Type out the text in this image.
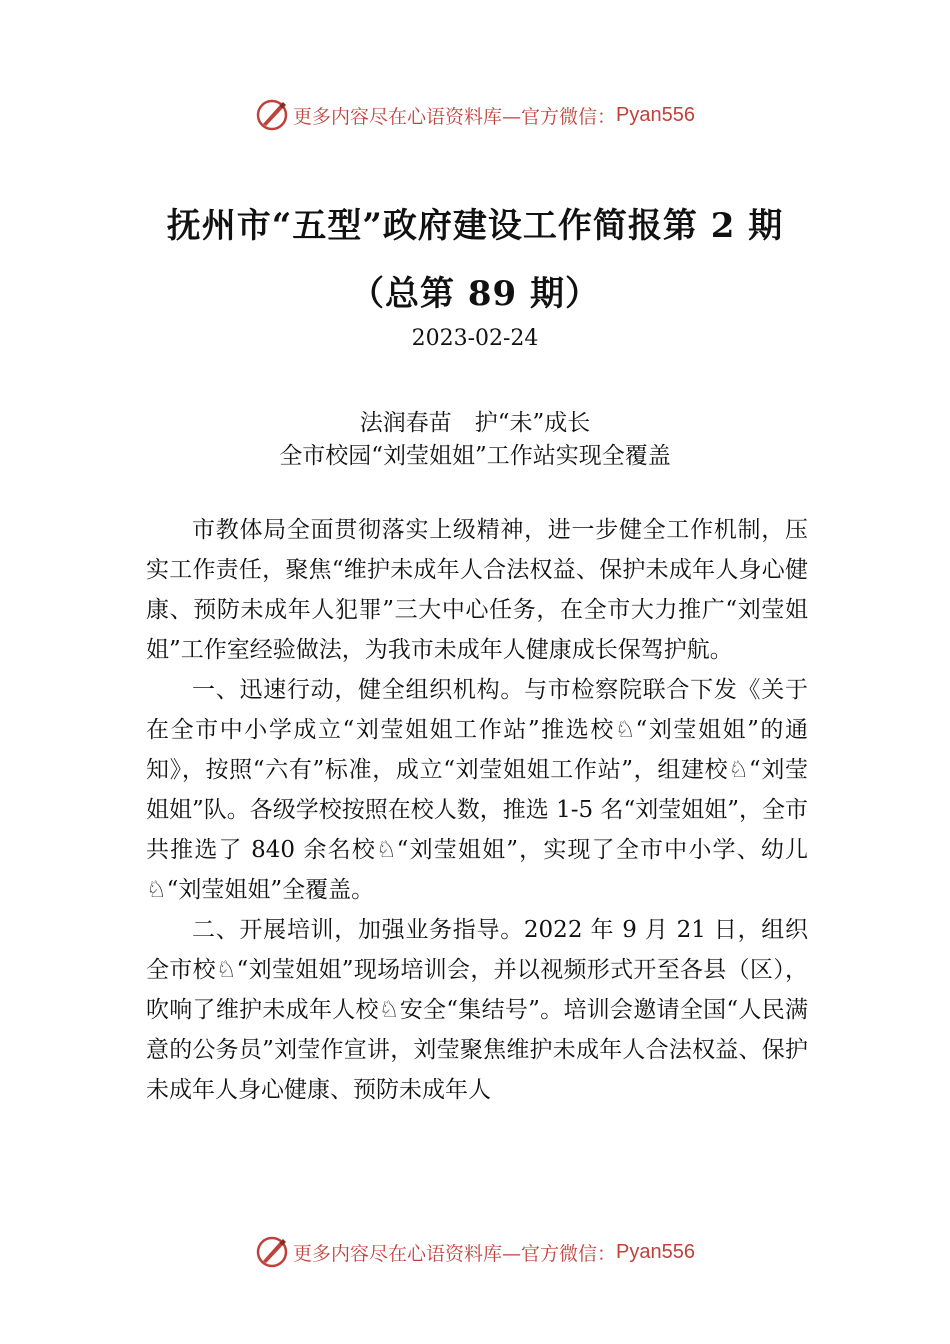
更多内容尽在心语资料库—官方微信： Pyan556
抚州市“五型”政府建设工作简报第 2 期
（总第 89 期）
2023-02-24
法润春苗　护“未”成长
全市校园“刘莹姐姐”工作站实现全覆盖

市教体局全面贯彻落实上级精神，进一步健全工作机制，压实工作责任，聚焦“维护未成年人合法权益、保护未成年人身心健康、预防未成年人犯罪”三大中心任务，在全市大力推广“刘莹姐姐”工作室经验做法，为我市未成年人健康成长保驾护航。

一、迅速行动，健全组织机构。与市检察院联合下发《关于在全市中小学成立“刘莹姐姐工作站”推选校♘“刘莹姐姐”的通知》，按照“六有”标准，成立“刘莹姐姐工作站”，组建校♘“刘莹姐姐”队。各级学校按照在校人数，推选 1-5 名“刘莹姐姐”，全市共推选了 840 余名校♘“刘莹姐姐”，实现了全市中小学、幼儿♘“刘莹姐姐”全覆盖。

二、开展培训，加强业务指导。2022 年 9 月 21 日，组织全市校♘“刘莹姐姐”现场培训会，并以视频形式开至各县（区），吹响了维护未成年人校♘安全“集结号”。培训会邀请全国“人民满意的公务员”刘莹作宣讲，刘莹聚焦维护未成年人合法权益、保护未成年人身心健康、预防未成年人

更多内容尽在心语资料库—官方微信： Pyan556
